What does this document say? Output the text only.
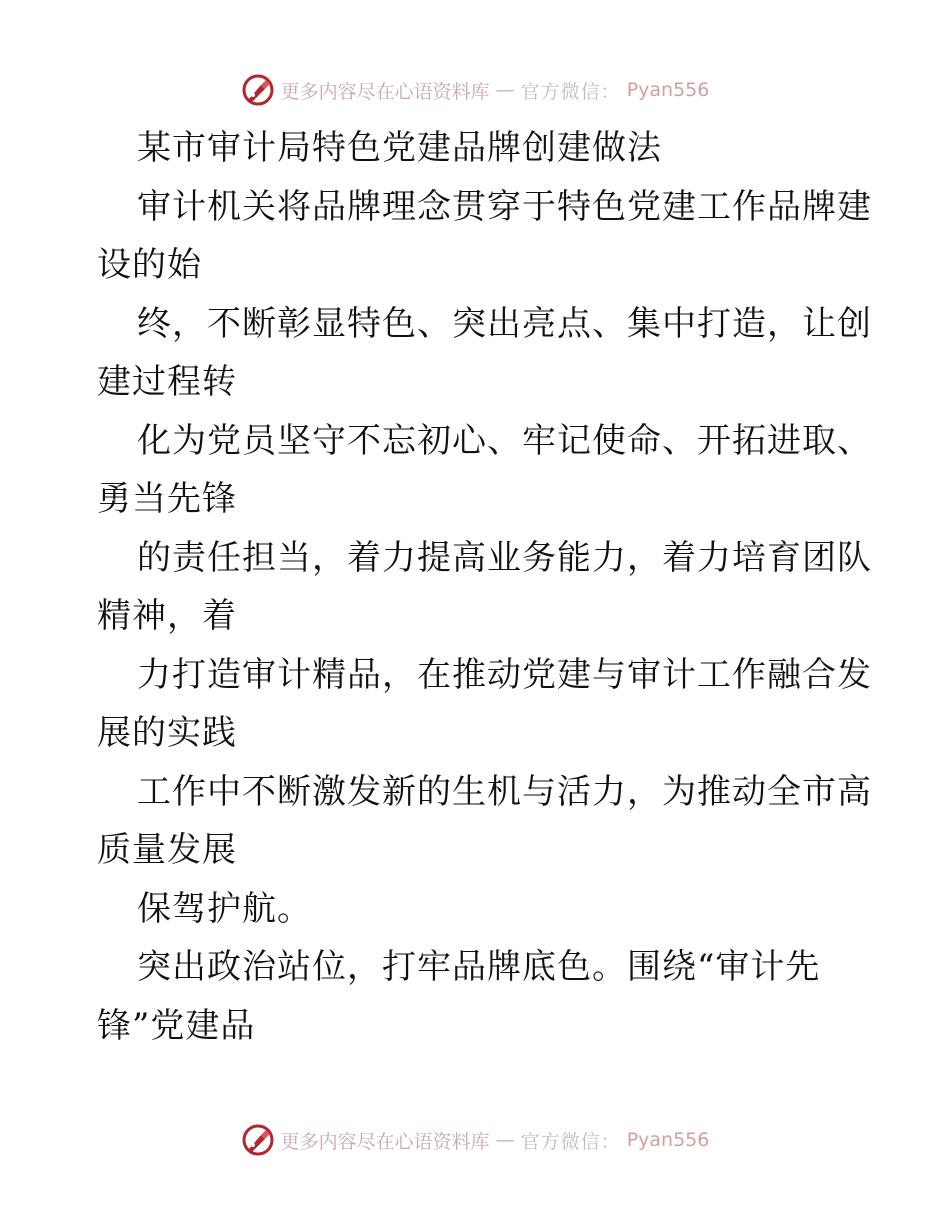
更多内容尽在心语资料库 — 官方微信： Pyan556
某市审计局特色党建品牌创建做法
审计机关将品牌理念贯穿于特色党建工作品牌建
设的始
终，不断彰显特色、突出亮点、集中打造，让创
建过程转
化为党员坚守不忘初心、牢记使命、开拓进取、
勇当先锋
的责任担当，着力提高业务能力，着力培育团队
精神，着
力打造审计精品，在推动党建与审计工作融合发
展的实践
工作中不断激发新的生机与活力，为推动全市高
质量发展
保驾护航。
突出政治站位，打牢品牌底色。围绕“审计先
锋”党建品
更多内容尽在心语资料库 — 官方微信： Pyan556
